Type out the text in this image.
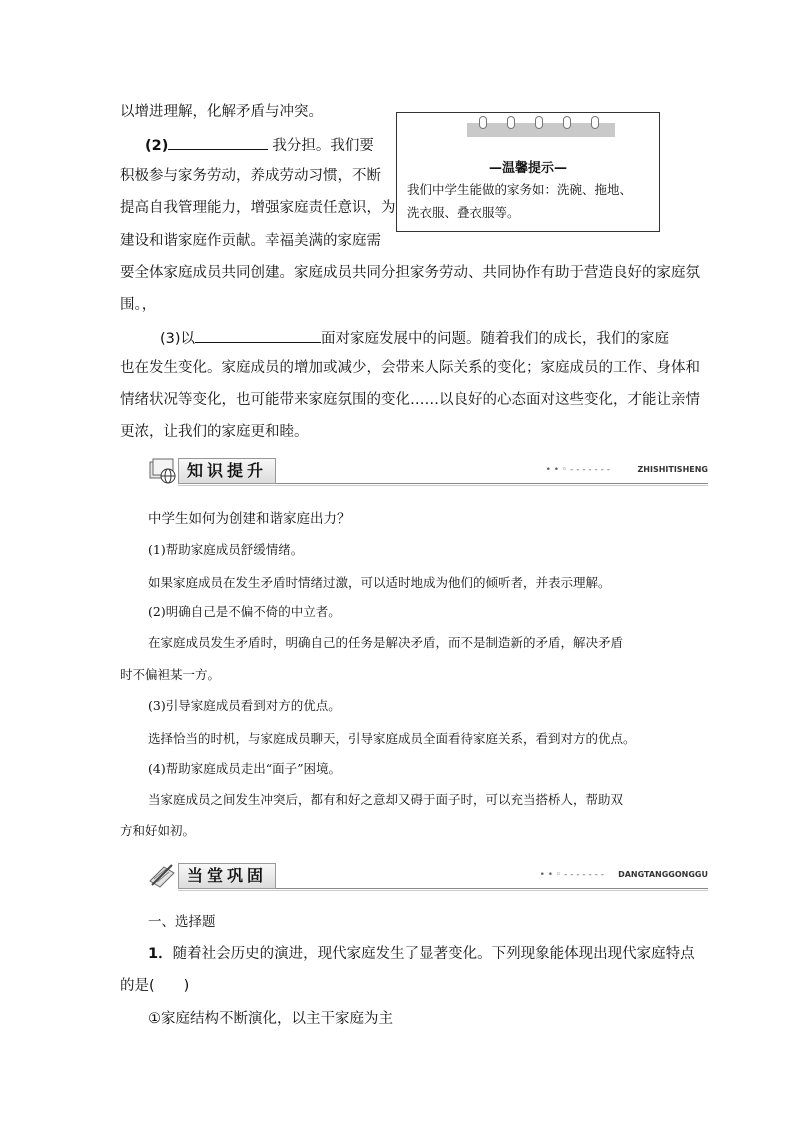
以增进理解，化解矛盾与冲突。
(2)	我分担。我们要
积极参与家务劳动，养成劳动习惯，不断
提高自我管理能力，增强家庭责任意识，为
建设和谐家庭作贡献。幸福美满的家庭需
要全体家庭成员共同创建。家庭成员共同分担家务劳动、共同协作有助于营造良好的家庭氛
围。，
(3)以	面对家庭发展中的问题。随着我们的成长，我们的家庭
也在发生变化。家庭成员的增加或减少，会带来人际关系的变化；家庭成员的工作、身体和
情绪状况等变化，也可能带来家庭氛围的变化……以良好的心态面对这些变化，才能让亲情
更浓，让我们的家庭更和睦。
—温馨提示—
我们中学生能做的家务如：洗碗、拖地、
洗衣服、叠衣服等。
知识提升	• • ◦ - - - - - - -	ZHISHITISHENG
中学生如何为创建和谐家庭出力？
(1)帮助家庭成员舒缓情绪。
如果家庭成员在发生矛盾时情绪过激，可以适时地成为他们的倾听者，并表示理解。
(2)明确自己是不偏不倚的中立者。
在家庭成员发生矛盾时，明确自己的任务是解决矛盾，而不是制造新的矛盾，解决矛盾
时不偏袒某一方。
(3)引导家庭成员看到对方的优点。
选择恰当的时机，与家庭成员聊天，引导家庭成员全面看待家庭关系，看到对方的优点。
(4)帮助家庭成员走出“面子”困境。
当家庭成员之间发生冲突后，都有和好之意却又碍于面子时，可以充当搭桥人，帮助双
方和好如初。
当堂巩固	• • ◦ - - - - - - - DANGTANGGONGGU
一、选择题
1．随着社会历史的演进，现代家庭发生了显著变化。下列现象能体现出现代家庭特点
的是(　　)
①家庭结构不断演化，以主干家庭为主
